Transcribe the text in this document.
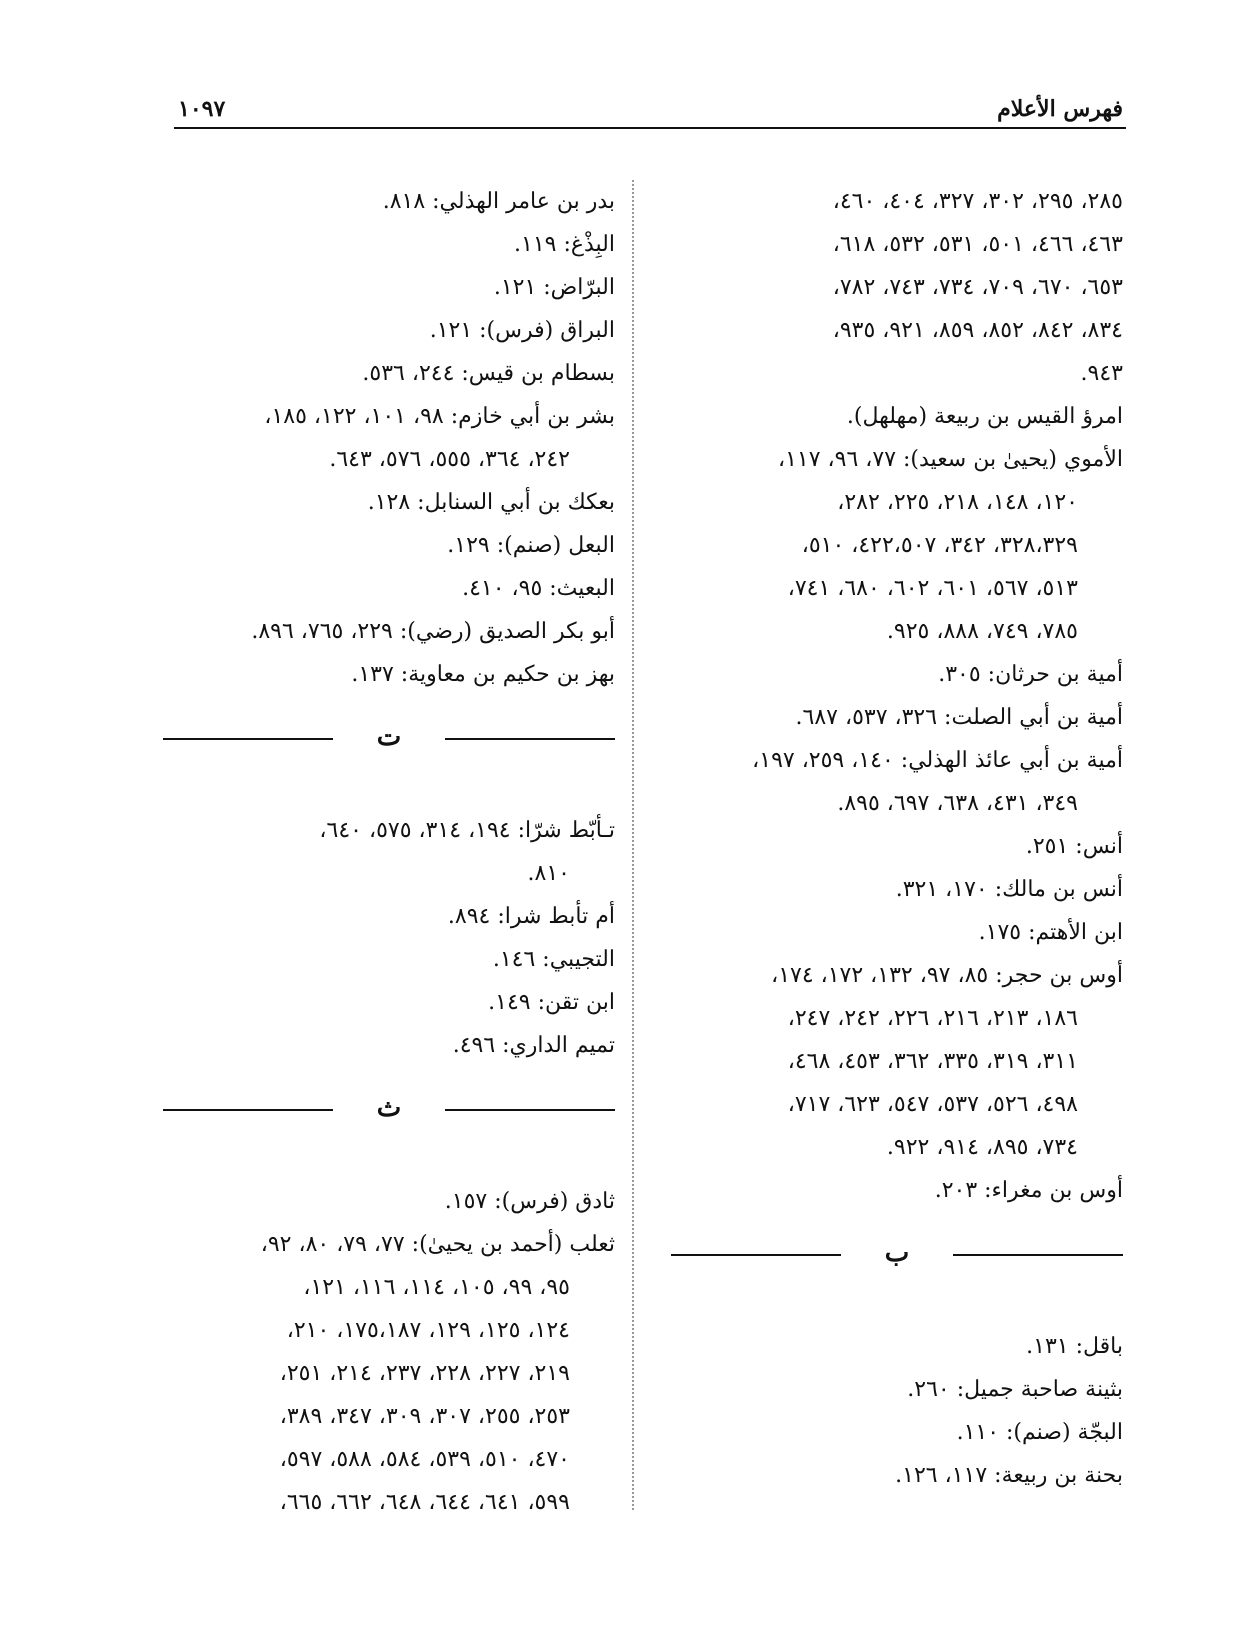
فهرس الأعلام
١٠٩٧
٢٨٥، ٢٩٥، ٣٠٢، ٣٢٧، ٤٠٤، ٤٦٠،
٤٦٣، ٤٦٦، ٥٠١، ٥٣١، ٥٣٢، ٦١٨،
٦٥٣، ٦٧٠، ٧٠٩، ٧٣٤، ٧٤٣، ٧٨٢،
٨٣٤، ٨٤٢، ٨٥٢، ٨٥٩، ٩٢١، ٩٣٥،
٩٤٣.
امرؤ القيس بن ربيعة (مهلهل).
الأموي (يحيىٰ بن سعيد): ٧٧، ٩٦، ١١٧،
١٢٠، ١٤٨، ٢١٨، ٢٢٥، ٢٨٢،
٣٢٨،٣٢٩، ٣٤٢، ٤٢٢،٥٠٧، ٥١٠،
٥١٣، ٥٦٧، ٦٠١، ٦٠٢، ٦٨٠، ٧٤١،
٧٨٥، ٧٤٩، ٨٨٨، ٩٢٥.
أمية بن حرثان: ٣٠٥.
أمية بن أبي الصلت: ٣٢٦، ٥٣٧، ٦٨٧.
أمية بن أبي عائذ الهذلي: ١٤٠، ٢٥٩، ١٩٧،
٣٤٩، ٤٣١، ٦٣٨، ٦٩٧، ٨٩٥.
أنس: ٢٥١.
أنس بن مالك: ١٧٠، ٣٢١.
ابن الأهتم: ١٧٥.
أوس بن حجر: ٨٥، ٩٧، ١٣٢، ١٧٢، ١٧٤،
١٨٦، ٢١٣، ٢١٦، ٢٢٦، ٢٤٢، ٢٤٧،
٣١١، ٣١٩، ٣٣٥، ٣٦٢، ٤٥٣، ٤٦٨،
٤٩٨، ٥٢٦، ٥٣٧، ٥٤٧، ٦٢٣، ٧١٧،
٧٣٤، ٨٩٥، ٩١٤، ٩٢٢.
أوس بن مغراء: ٢٠٣.
ب
باقل: ١٣١.
بثينة صاحبة جميل: ٢٦٠.
البجّة (صنم): ١١٠.
بحنة بن ربيعة: ١١٧، ١٢٦.
بدر بن عامر الهذلي: ٨١٨.
البِذْغ: ١١٩.
البرّاض: ١٢١.
البراق (فرس): ١٢١.
بسطام بن قيس: ٢٤٤، ٥٣٦.
بشر بن أبي خازم: ٩٨، ١٠١، ١٢٢، ١٨٥،
٢٤٢، ٣٦٤، ٥٥٥، ٥٧٦، ٦٤٣.
بعكك بن أبي السنابل: ١٢٨.
البعل (صنم): ١٢٩.
البعيث: ٩٥، ٤١٠.
أبو بكر الصديق (رضي): ٢٢٩، ٧٦٥، ٨٩٦.
بهز بن حكيم بن معاوية: ١٣٧.
ت
تـأبّط شرّا: ١٩٤، ٣١٤، ٥٧٥، ٦٤٠،
٨١٠.
أم تأبط شرا: ٨٩٤.
التجيبي: ١٤٦.
ابن تقن: ١٤٩.
تميم الداري: ٤٩٦.
ث
ثادق (فرس): ١٥٧.
ثعلب (أحمد بن يحيىٰ): ٧٧، ٧٩، ٨٠، ٩٢،
٩٥، ٩٩، ١٠٥، ١١٤، ١١٦، ١٢١،
١٢٤، ١٢٥، ١٢٩، ١٧٥،١٨٧، ٢١٠،
٢١٩، ٢٢٧، ٢٢٨، ٢٣٧، ٢١٤، ٢٥١،
٢٥٣، ٢٥٥، ٣٠٧، ٣٠٩، ٣٤٧، ٣٨٩،
٤٧٠، ٥١٠، ٥٣٩، ٥٨٤، ٥٨٨، ٥٩٧،
٥٩٩، ٦٤١، ٦٤٤، ٦٤٨، ٦٦٢، ٦٦٥،
